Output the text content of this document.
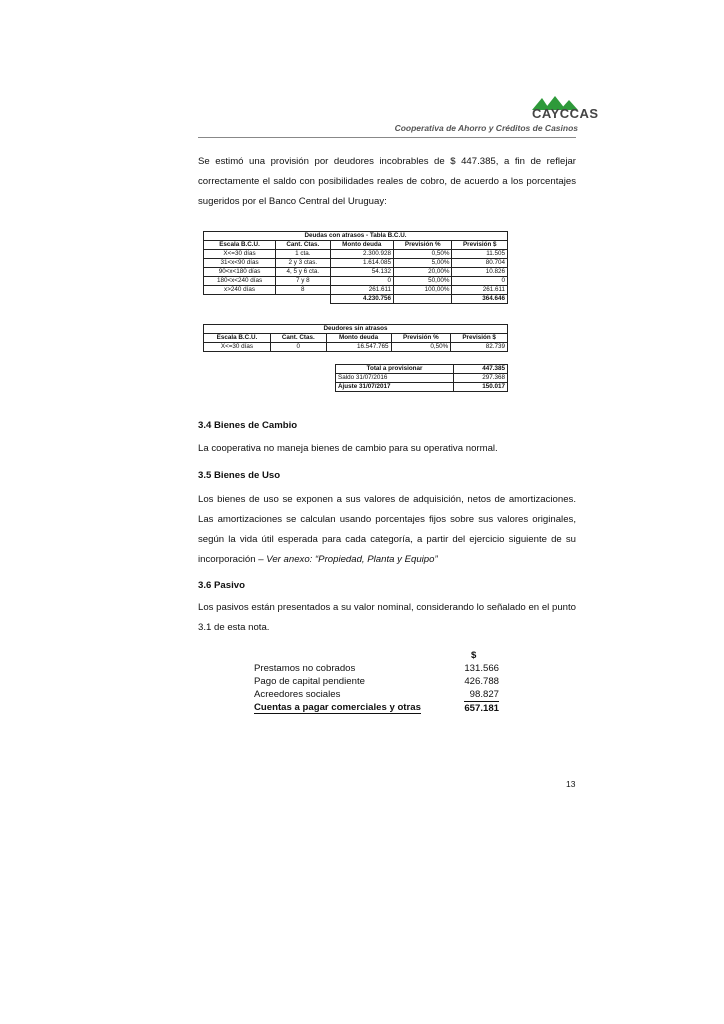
CAYCCAS
Cooperativa de Ahorro y Créditos de Casinos
Se estimó una provisión por deudores incobrables de $ 447.385, a fin de reflejar correctamente el saldo con posibilidades reales de cobro, de acuerdo a los porcentajes sugeridos por el Banco Central del Uruguay:
Deudas con atrasos - Tabla B.C.U.				
Escala B.C.U.	Cant. Ctas.	Monto deuda	Previsión %	Previsión $
X<=30 días	1 cta.	2.300.928	0,50%	11.505
31<x<90 días	2 y 3 ctas.	1.614.085	5,00%	80.704
90<x<180 días	4, 5 y 6 cta.	54.132	20,00%	10.826
180<x<240 días	7 y 8	0	50,00%	0
x>240 días	8	261.611	100,00%	261.611
		4.230.756		364.646
Deudores sin atrasos				
Escala B.C.U.	Cant. Ctas.	Monto deuda	Previsión %	Previsión $
X<=30 días	0	16.547.765	0,50%	82.739
Total a provisionar	447.385
Saldo 31/07/2016	297.368
Ajuste 31/07/2017	150.017
3.4 Bienes de Cambio
La cooperativa no maneja bienes de cambio para su operativa normal.
3.5 Bienes de Uso
Los bienes de uso se exponen a sus valores de adquisición, netos de amortizaciones. Las amortizaciones se calculan usando porcentajes fijos sobre sus valores originales, según la vida útil esperada para cada categoría, a partir del ejercicio siguiente de su incorporación – Ver anexo: “Propiedad, Planta y Equipo”
3.6 Pasivo
Los pasivos están presentados a su valor nominal, considerando lo señalado en el punto 3.1 de esta nota.
$
Prestamos no cobrados	131.566
Pago de capital pendiente	426.788
Acreedores sociales	98.827
Cuentas a pagar comerciales y otras	657.181
13
